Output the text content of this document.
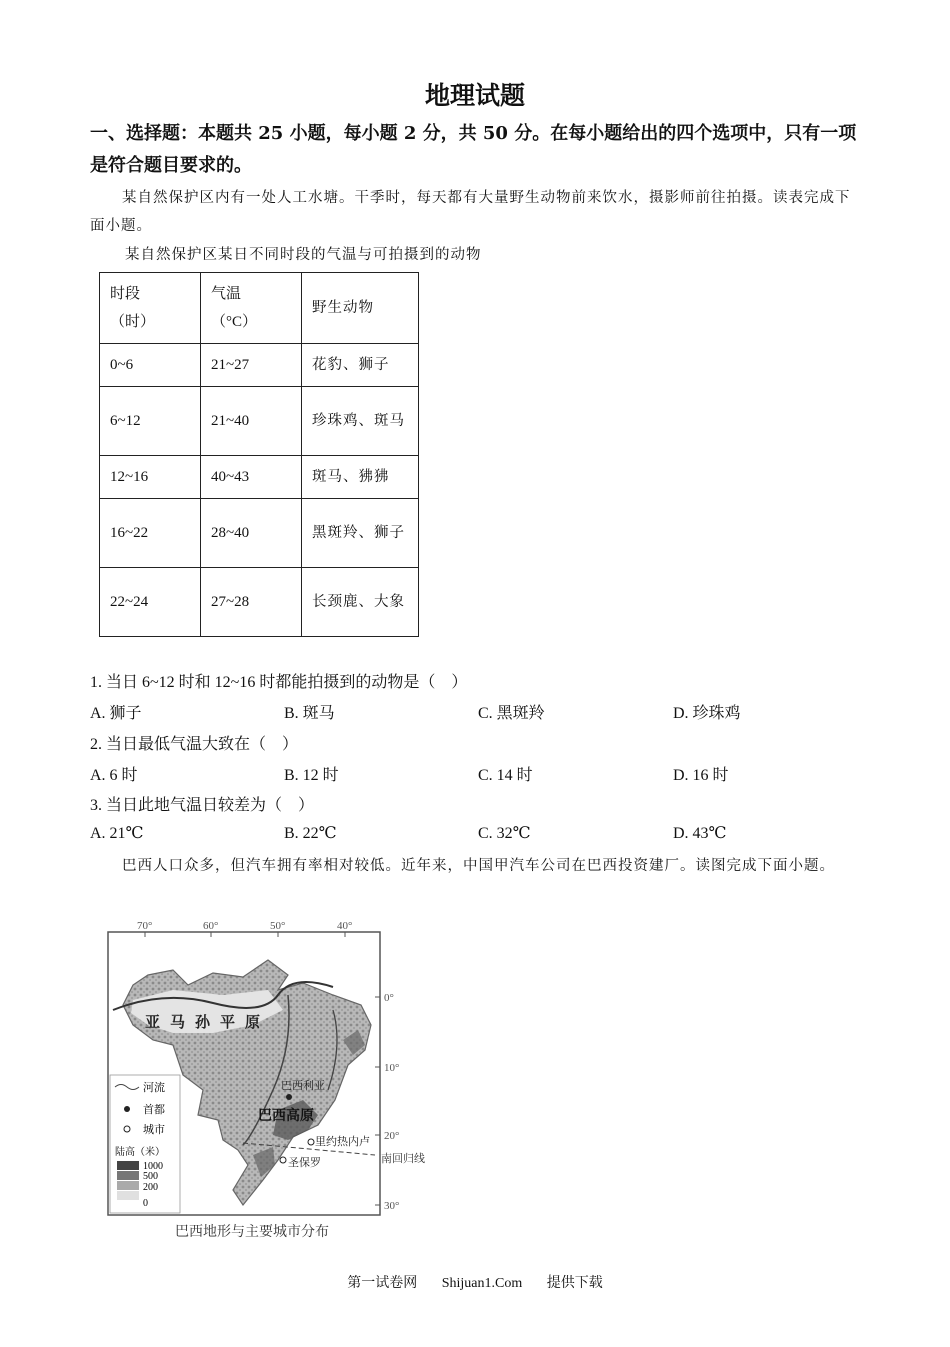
地理试题
一、选择题：本题共 25 小题，每小题 2 分，共 50 分。在每小题给出的四个选项中，只有一项是符合题目要求的。
某自然保护区内有一处人工水塘。干季时，每天都有大量野生动物前来饮水，摄影师前往拍摄。读表完成下面小题。
某自然保护区某日不同时段的气温与可拍摄到的动物
时段（时）	气温（°C）	野生动物
0~6	21~27	花豹、狮子
6~12	21~40	珍珠鸡、斑马
12~16	40~43	斑马、狒狒
16~22	28~40	黑斑羚、狮子
22~24	27~28	长颈鹿、大象
1. 当日 6~12 时和 12~16 时都能拍摄到的动物是（　）
A. 狮子	B. 斑马	C. 黑斑羚	D. 珍珠鸡
2. 当日最低气温大致在（　）
A. 6 时	B. 12 时	C. 14 时	D. 16 时
3. 当日此地气温日较差为（　）
A. 21℃	B. 22℃	C. 32℃	D. 43℃
巴西人口众多，但汽车拥有率相对较低。近年来，中国甲汽车公司在巴西投资建厂。读图完成下面小题。
70°	60°	50°	40°
0°
10°
20°
30°
南回归线
亚马孙平原
巴西利亚
巴西高原
里约热内卢
圣保罗
河流
首都
城市
陆高（米）
1000
500
200
0
巴西地形与主要城市分布
第一试卷网 Shijuan1.Com 提供下载
